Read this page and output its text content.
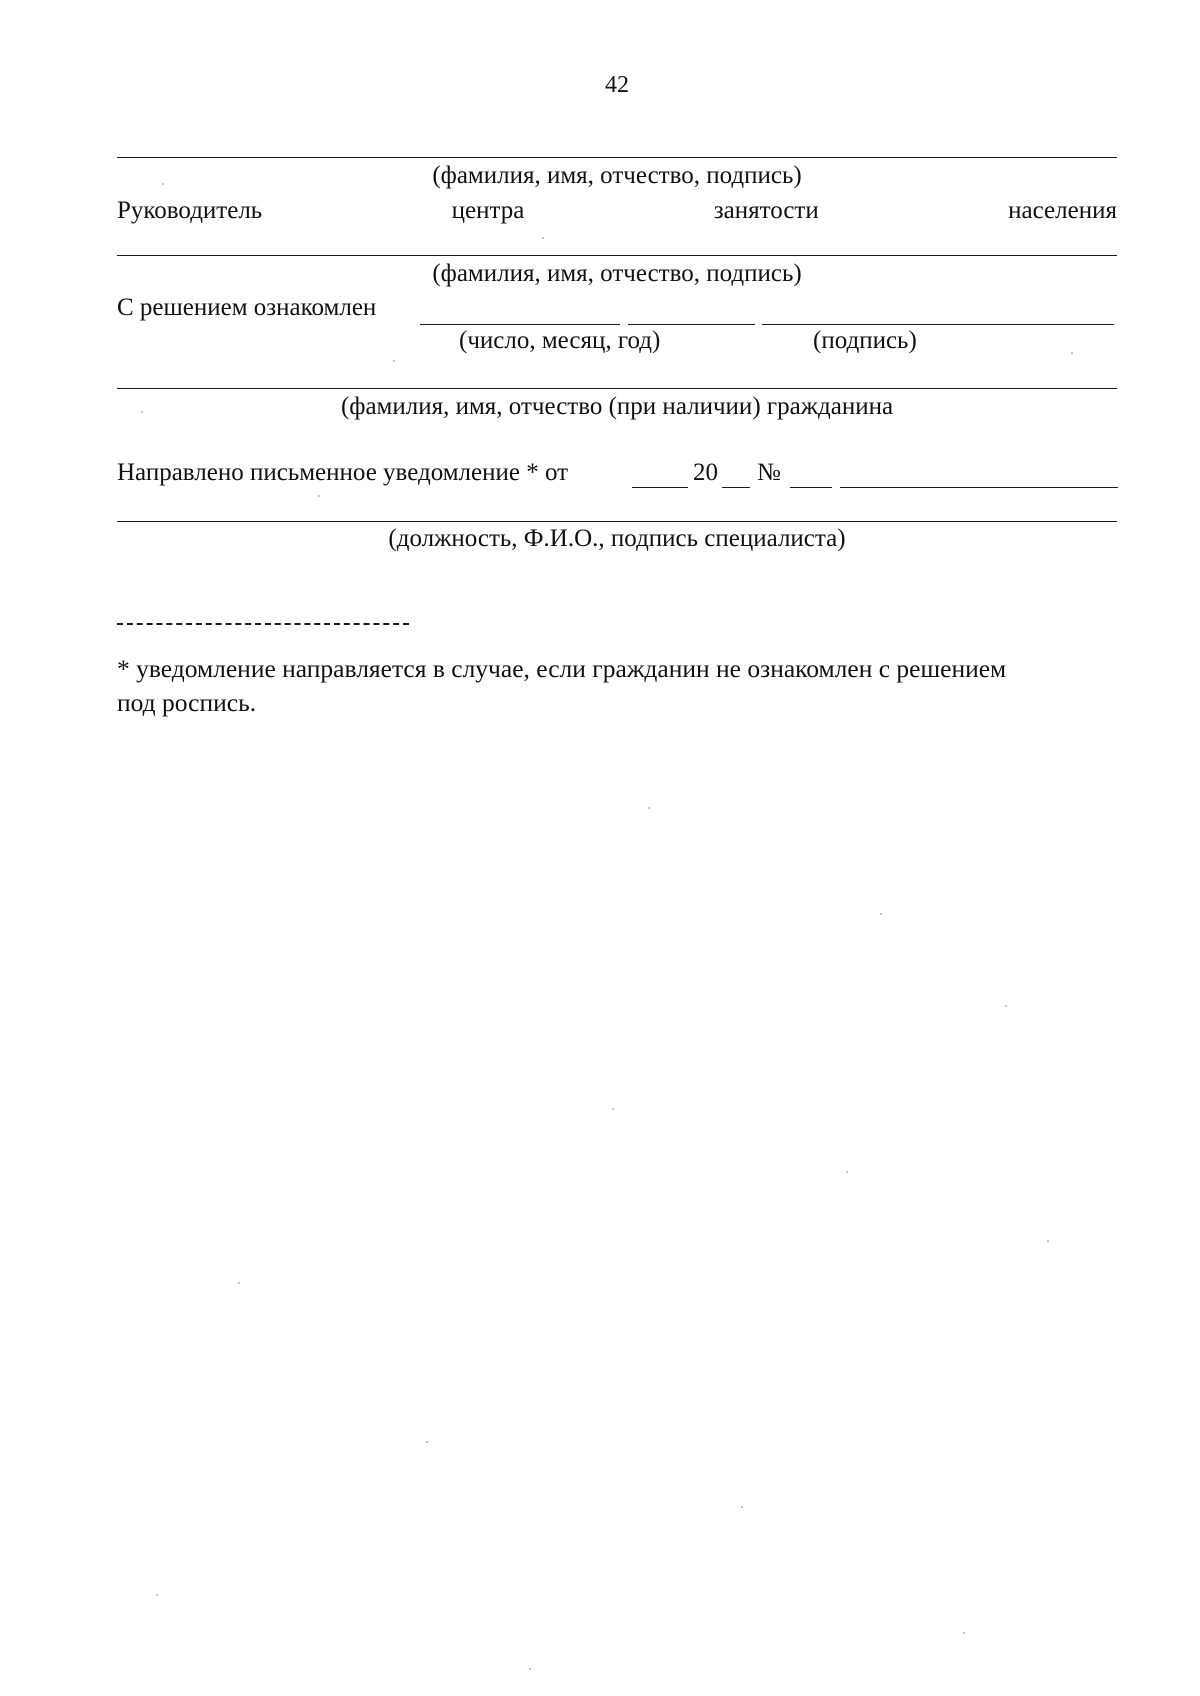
42
(фамилия, имя, отчество, подпись)
Руководитель	центра	занятости	населения
(фамилия, имя, отчество, подпись)
С решением ознакомлен
(число, месяц, год)	(подпись)
(фамилия, имя, отчество (при наличии) гражданина
Направлено письменное уведомление * от	20 №
(должность, Ф.И.О., подпись специалиста)
* уведомление направляется в случае, если гражданин не ознакомлен с решением
под роспись.
